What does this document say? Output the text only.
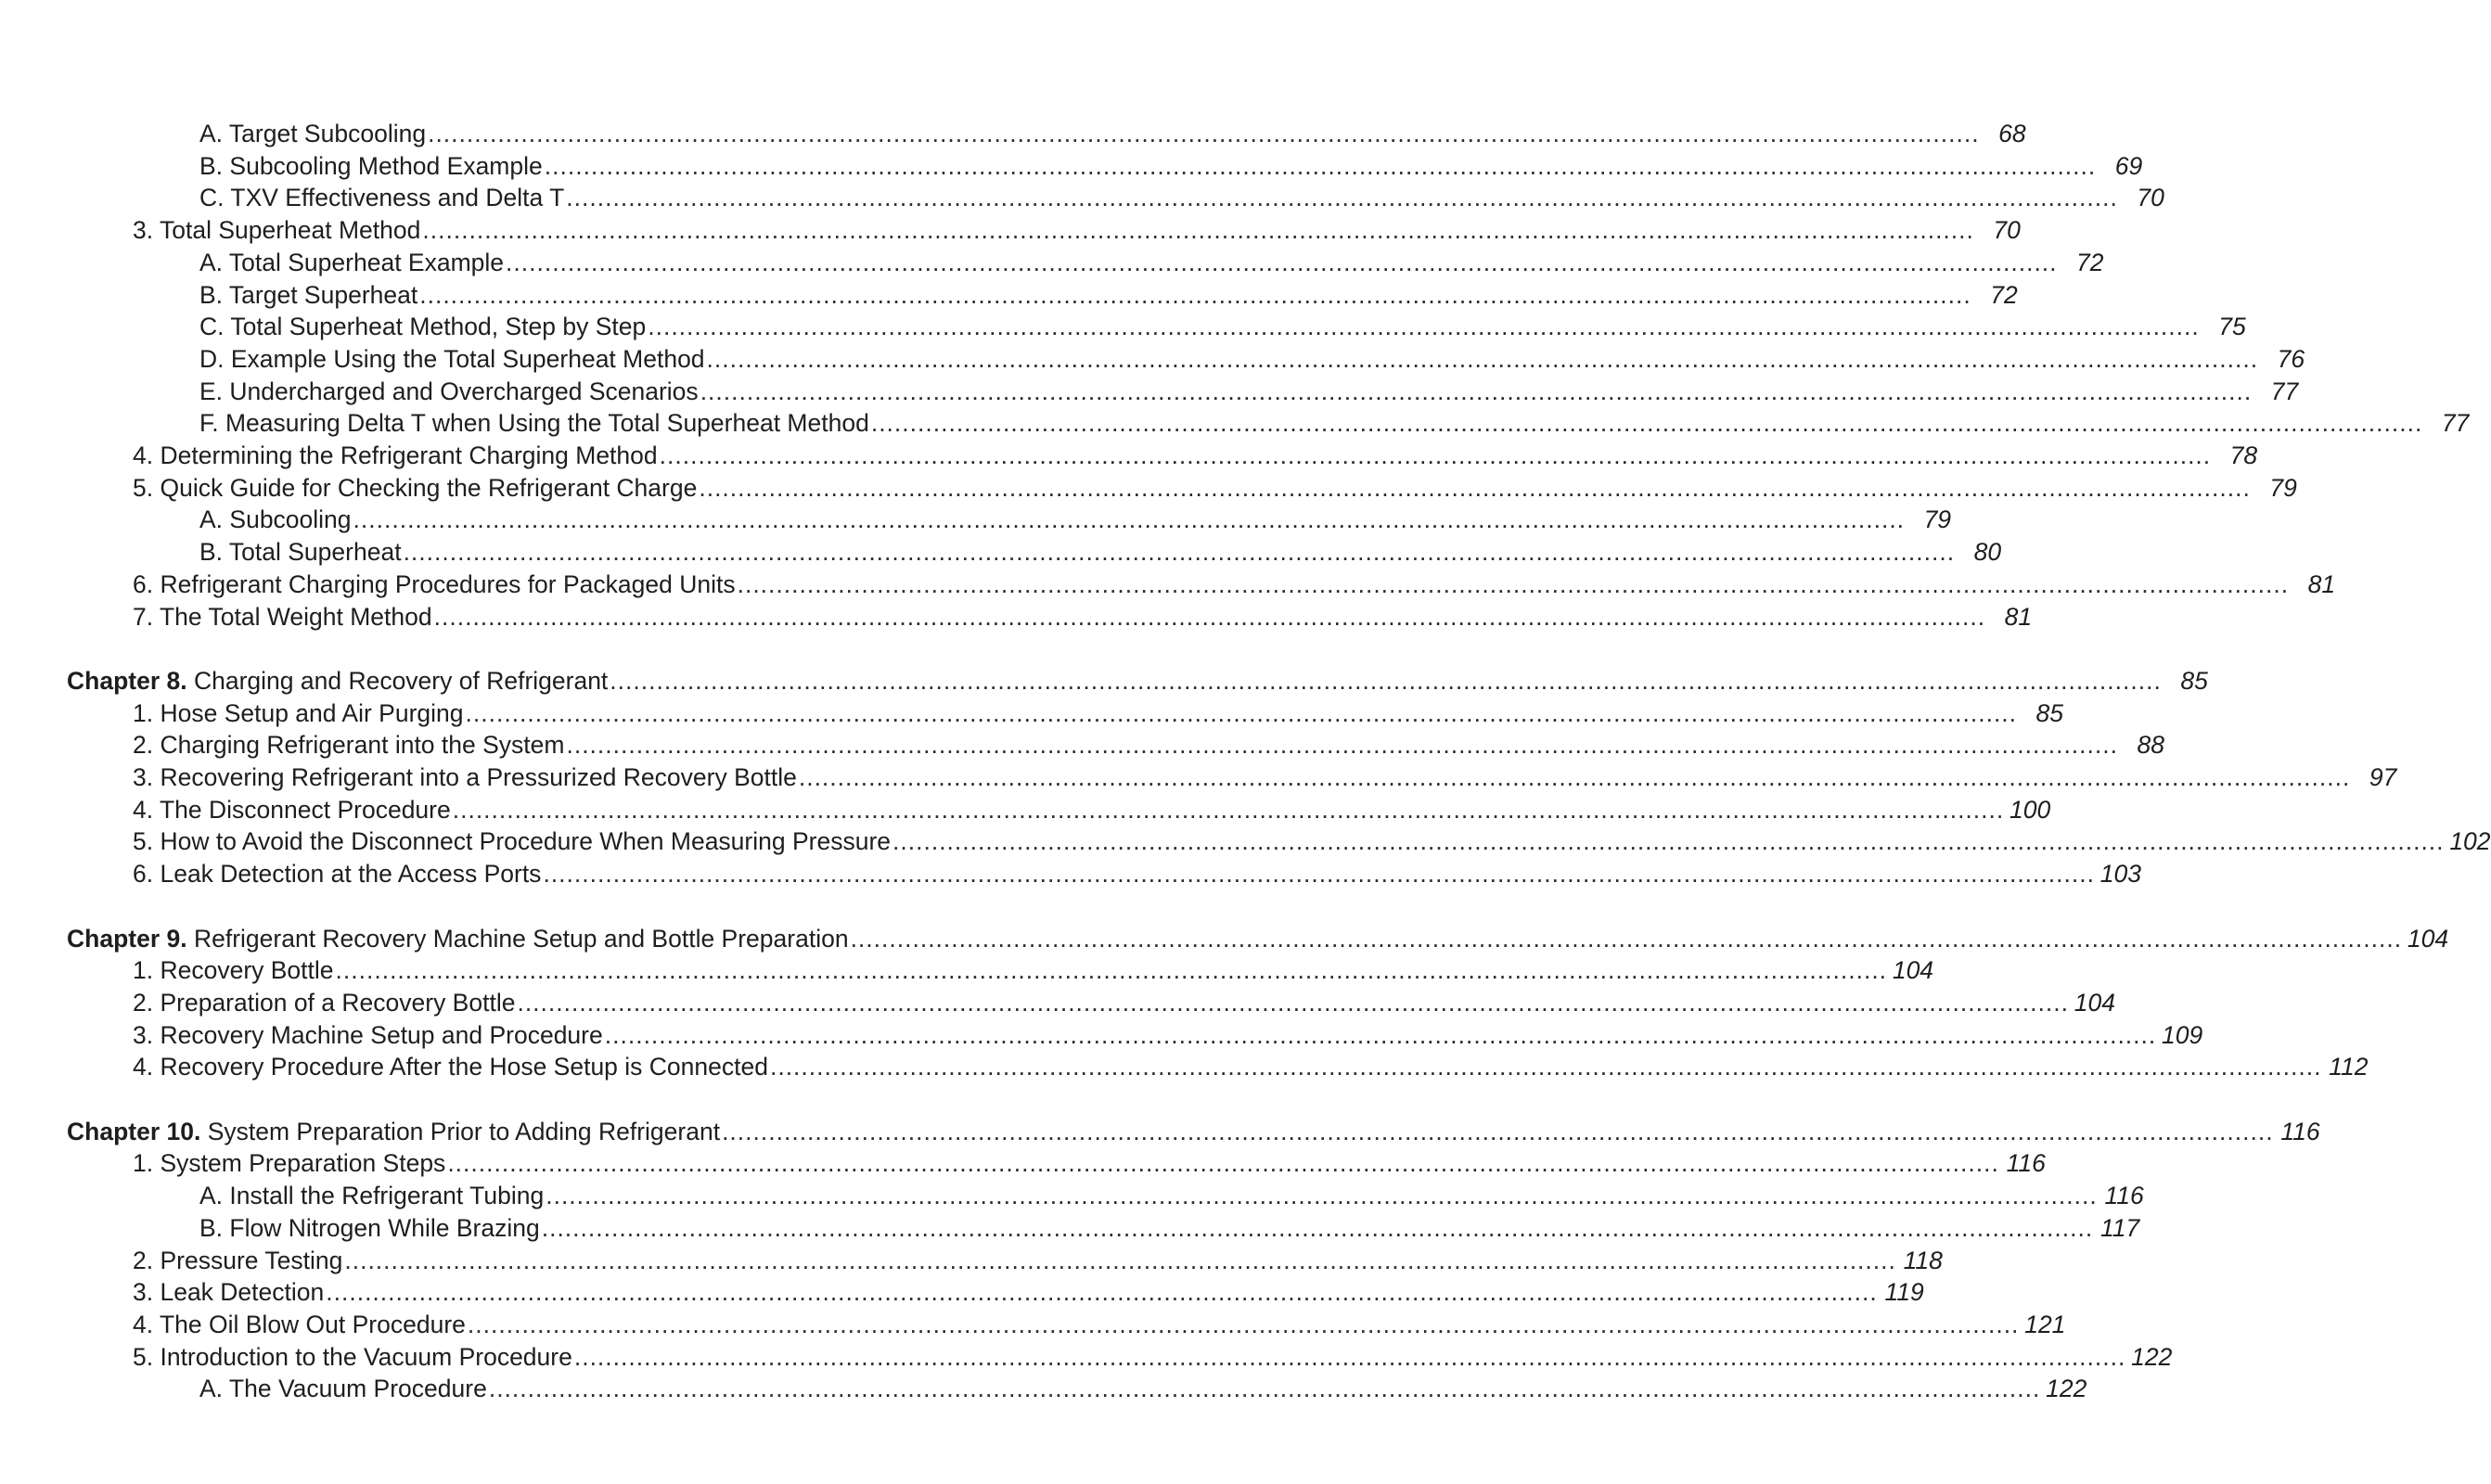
A. Target Subcooling ........................................................................................................................................................................................................ 68
B. Subcooling Method Example ........................................................................................................................................................................................................ 69
C. TXV Effectiveness and Delta T ........................................................................................................................................................................................................ 70
3. Total Superheat Method ........................................................................................................................................................................................................ 70
A. Total Superheat Example ........................................................................................................................................................................................................ 72
B. Target Superheat ........................................................................................................................................................................................................ 72
C. Total Superheat Method, Step by Step ........................................................................................................................................................................................................ 75
D. Example Using the Total Superheat Method ........................................................................................................................................................................................................ 76
E. Undercharged and Overcharged Scenarios ........................................................................................................................................................................................................ 77
F. Measuring Delta T when Using the Total Superheat Method ........................................................................................................................................................................................................ 77
4. Determining the Refrigerant Charging Method ........................................................................................................................................................................................................ 78
5. Quick Guide for Checking the Refrigerant Charge ........................................................................................................................................................................................................ 79
A. Subcooling ........................................................................................................................................................................................................ 79
B. Total Superheat ........................................................................................................................................................................................................ 80
6. Refrigerant Charging Procedures for Packaged Units ........................................................................................................................................................................................................ 81
7. The Total Weight Method ........................................................................................................................................................................................................ 81
Chapter 8. Charging and Recovery of Refrigerant ........................................................................................................................................................................................................ 85
1. Hose Setup and Air Purging ........................................................................................................................................................................................................ 85
2. Charging Refrigerant into the System ........................................................................................................................................................................................................ 88
3. Recovering Refrigerant into a Pressurized Recovery Bottle ........................................................................................................................................................................................................ 97
4. The Disconnect Procedure ........................................................................................................................................................................................................ 100
5. How to Avoid the Disconnect Procedure When Measuring Pressure ........................................................................................................................................................................................................ 102
6. Leak Detection at the Access Ports ........................................................................................................................................................................................................ 103
Chapter 9. Refrigerant Recovery Machine Setup and Bottle Preparation ........................................................................................................................................................................................................ 104
1. Recovery Bottle ........................................................................................................................................................................................................ 104
2. Preparation of a Recovery Bottle ........................................................................................................................................................................................................ 104
3. Recovery Machine Setup and Procedure ........................................................................................................................................................................................................ 109
4. Recovery Procedure After the Hose Setup is Connected ........................................................................................................................................................................................................ 112
Chapter 10. System Preparation Prior to Adding Refrigerant ........................................................................................................................................................................................................ 116
1. System Preparation Steps ........................................................................................................................................................................................................ 116
A. Install the Refrigerant Tubing ........................................................................................................................................................................................................ 116
B. Flow Nitrogen While Brazing ........................................................................................................................................................................................................ 117
2. Pressure Testing ........................................................................................................................................................................................................ 118
3. Leak Detection ........................................................................................................................................................................................................ 119
4. The Oil Blow Out Procedure ........................................................................................................................................................................................................ 121
5. Introduction to the Vacuum Procedure ........................................................................................................................................................................................................ 122
A. The Vacuum Procedure ........................................................................................................................................................................................................ 122
